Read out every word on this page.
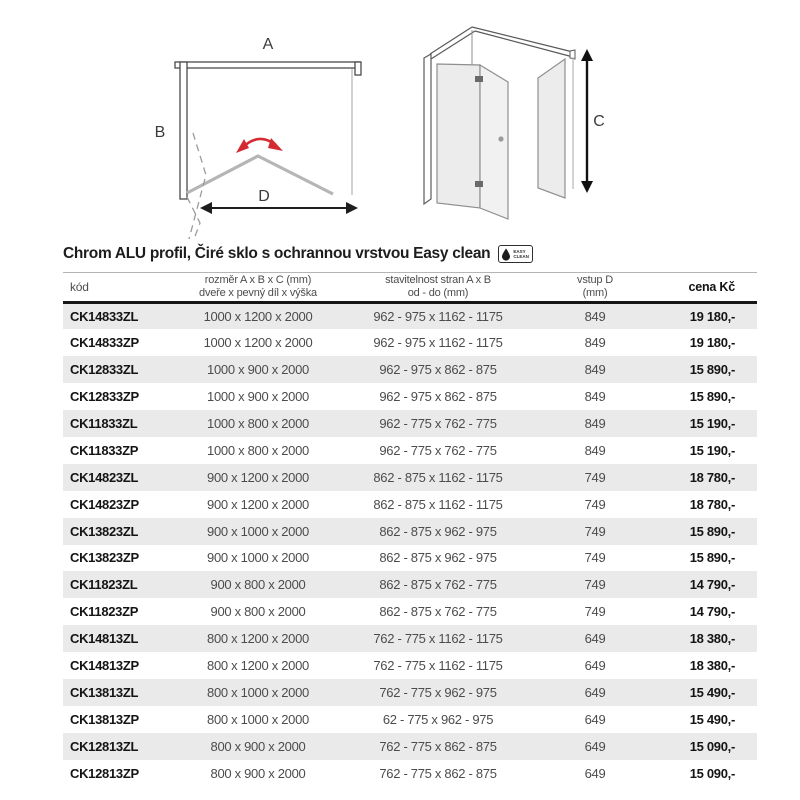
A
B
D
C
Chrom ALU profil, Čiré sklo s ochrannou vrstvou Easy clean	EASY
CLEAN
kód	rozměr A x B x C (mm)
dveře x pevný díl x výška

stavitelnost stran A x B
od - do (mm)

vstup D
(mm)	cena Kč
CK14833ZL	1000 x 1200 x 2000	962 - 975 x 1162 - 1175	849	19 180,-
CK14833ZP	1000 x 1200 x 2000	962 - 975 x 1162 - 1175	849	19 180,-
CK12833ZL	1000 x 900 x 2000	962 - 975 x 862 - 875	849	15 890,-
CK12833ZP	1000 x 900 x 2000	962 - 975 x 862 - 875	849	15 890,-
CK11833ZL	1000 x 800 x 2000	962 - 775 x 762 - 775	849	15 190,-
CK11833ZP	1000 x 800 x 2000	962 - 775 x 762 - 775	849	15 190,-
CK14823ZL	900 x 1200 x 2000	862 - 875 x 1162 - 1175	749	18 780,-
CK14823ZP	900 x 1200 x 2000	862 - 875 x 1162 - 1175	749	18 780,-
CK13823ZL	900 x 1000 x 2000	862 - 875 x 962 - 975	749	15 890,-
CK13823ZP	900 x 1000 x 2000	862 - 875 x 962 - 975	749	15 890,-
CK11823ZL	900 x 800 x 2000	862 - 875 x 762 - 775	749	14 790,-
CK11823ZP	900 x 800 x 2000	862 - 875 x 762 - 775	749	14 790,-
CK14813ZL	800 x 1200 x 2000	762 - 775 x 1162 - 1175	649	18 380,-
CK14813ZP	800 x 1200 x 2000	762 - 775 x 1162 - 1175	649	18 380,-
CK13813ZL	800 x 1000 x 2000	762 - 775 x 962 - 975	649	15 490,-
CK13813ZP	800 x 1000 x 2000	62 - 775 x 962 - 975	649	15 490,-
CK12813ZL	800 x 900 x 2000	762 - 775 x 862 - 875	649	15 090,-
CK12813ZP	800 x 900 x 2000	762 - 775 x 862 - 875	649	15 090,-
